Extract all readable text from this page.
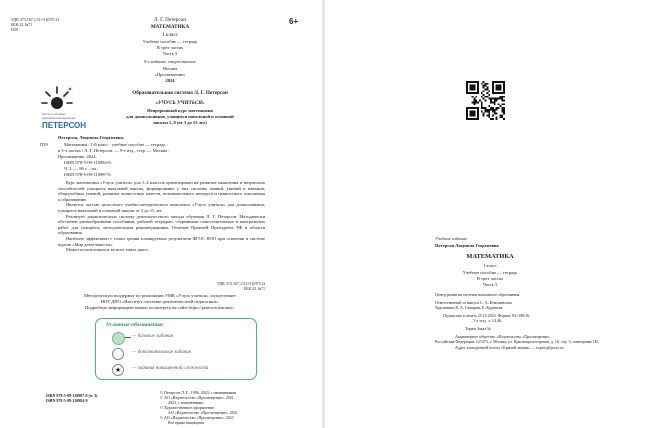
УДК 373.167.1:51+51(075.2)
ББК 22.1я71
П29
6+
Л. Г. Петерсон
МАТЕМАТИКА
1 класс
Учебное пособие — тетрадь
В трёх частях
Часть 3
9-е издание, стереотипное
Москва
«Просвещение»
2024
Образовательная система Л. Г. Петерсон
«УЧУСЬ УЧИТЬСЯ»
Непрерывный курс математики
для дошкольников, учащихся начальной и основной
школы 1–9 (от 3 до 15 лет)
Институт системно-
деятельностной педагогики
ПЕТЕРСОН
П29
Петерсон, Людмила Георгиевна.
Математика : 1-й класс : учебное пособие — тетрадь :
в 3-х частях / Л. Г. Петерсон. — 9-е изд., стер. — Москва :
Просвещение, 2024.
ISBN 978-5-09-110984-9.
Ч. 3. — 96 с. : ил.
ISBN 978-5-09-110987-0.

Курс математики «Учусь учиться» для 1–4 классов ориентирован на развитие мышления и творческих способностей учащихся начальной школы, формирование у них системы знаний, умений и навыков, общеучебных умений, развитие личностных качеств, познавательного интереса и ценностного отношения к образованию.

Является частью целостного учебно-методического комплекта «Учусь учиться» для дошкольников, учащихся начальной и основной школы от 3 до 15 лет.

Реализует дидактическую систему деятельностного метода обучения Л. Г. Петерсон. Методически обеспечен разнообразными пособиями, рабочей тетрадью, сборниками самостоятельных и контрольных работ для учащихся, методическими рекомендациями. Отмечен Премией Президента РФ в области образования.

Наиболее эффективен с точки зрения планируемых результатов ФГОС НОО при освоении в системе курсов «Мир деятельности».

Может использоваться во всех типах школ.

УДК 373.167.1:51+51(075.2)
ББК 22.1я71
Методическую поддержку по реализации УМК «Учусь учиться» осуществляет
НОУ ДПО «Институт системно-деятельностной педагогики».
Подробную информацию можно посмотреть на сайте https://peterson.institute/.
Условные обозначения:
— базовые задания
— дополнительные задания
★	— задания повышенной сложности
ISBN 978-5-09-110987-0 (ч. 3)
ISBN 978-5-09-110984-9
© Петерсон Л. Г., 1996, 2023, с изменениями
© АО «Издательство «Просвещение», 2021,
2023, с изменениями
© Художественное оформление.
АО «Издательство «Просвещение», 2021
© АО «Издательство «Просвещение», 2023
Все права защищены
Учебное издание
Петерсон Людмила Георгиевна
МАТЕМАТИКА
1 класс
Учебное пособие — тетрадь
В трёх частях
Часть 3
Центр развития системы начального образования
Ответственный за выпуск С. А. Илюшевская
Художники В. А. Самарин, Е. Кудинова
Подписано в печать 25.10.2023. Формат 84×108/16.
Уч.-изд. л. 14,46.
Тираж Заказ №
Акционерное общество «Издательство «Просвещение».
Российская Федерация, 127473, г. Москва, ул. Краснопролетарская, д. 16, стр. 3, помещение 1Н.
Адрес электронной почты «Горячей линии» — vopros@prosv.ru.
